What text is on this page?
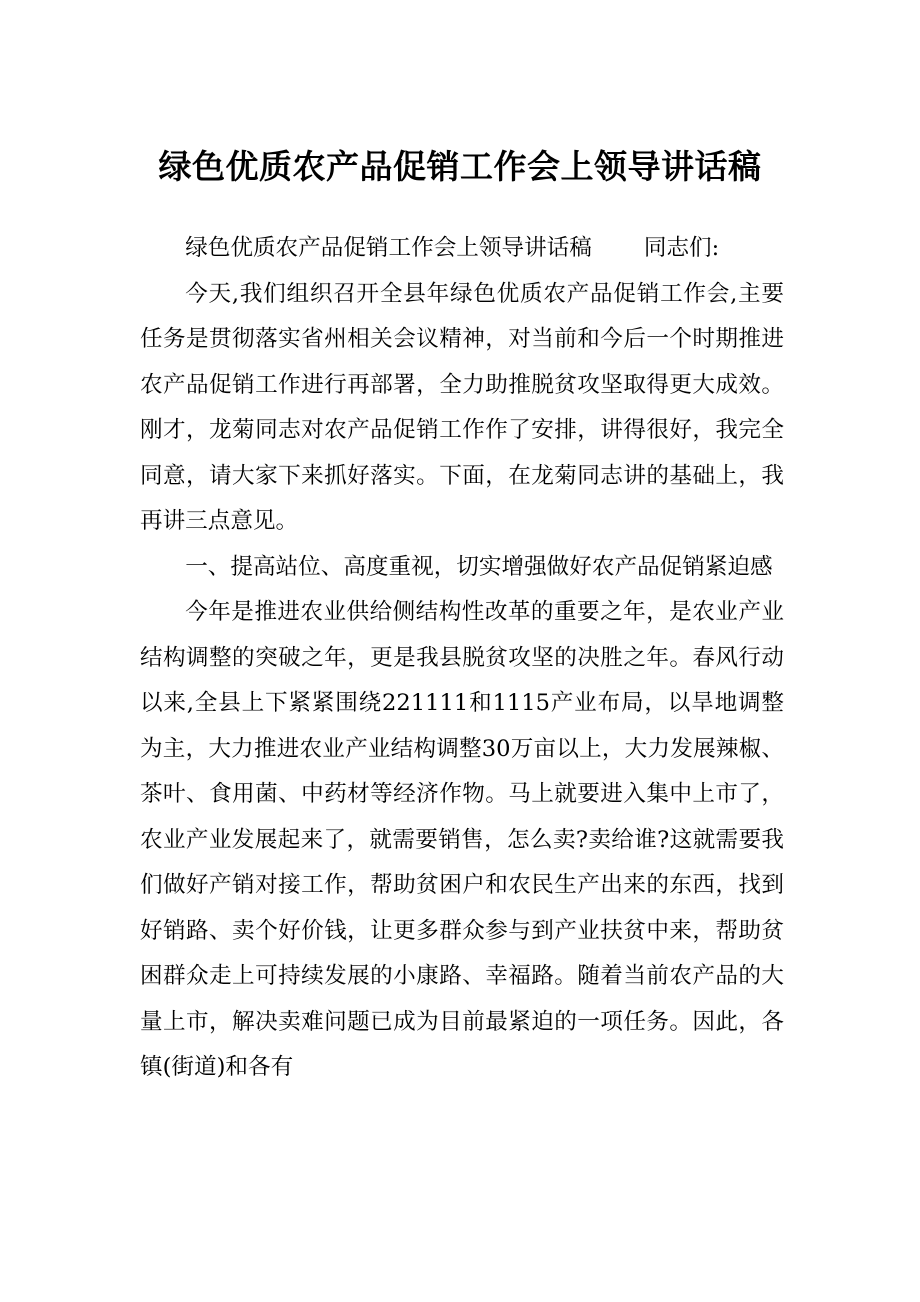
绿色优质农产品促销工作会上领导讲话稿

绿色优质农产品促销工作会上领导讲话稿 同志们:

今天,我们组织召开全县年绿色优质农产品促销工作会,主要任务是贯彻落实省州相关会议精神，对当前和今后一个时期推进农产品促销工作进行再部署，全力助推脱贫攻坚取得更大成效。刚才，龙菊同志对农产品促销工作作了安排，讲得很好，我完全同意，请大家下来抓好落实。下面，在龙菊同志讲的基础上，我再讲三点意见。

一、提高站位、高度重视，切实增强做好农产品促销紧迫感

今年是推进农业供给侧结构性改革的重要之年，是农业产业结构调整的突破之年，更是我县脱贫攻坚的决胜之年。春风行动以来,全县上下紧紧围绕221111和1115产业布局，以旱地调整为主，大力推进农业产业结构调整30万亩以上，大力发展辣椒、茶叶、食用菌、中药材等经济作物。马上就要进入集中上市了，农业产业发展起来了，就需要销售，怎么卖?卖给谁?这就需要我们做好产销对接工作，帮助贫困户和农民生产出来的东西，找到好销路、卖个好价钱，让更多群众参与到产业扶贫中来，帮助贫困群众走上可持续发展的小康路、幸福路。随着当前农产品的大量上市，解决卖难问题已成为目前最紧迫的一项任务。因此，各镇(街道)和各有
